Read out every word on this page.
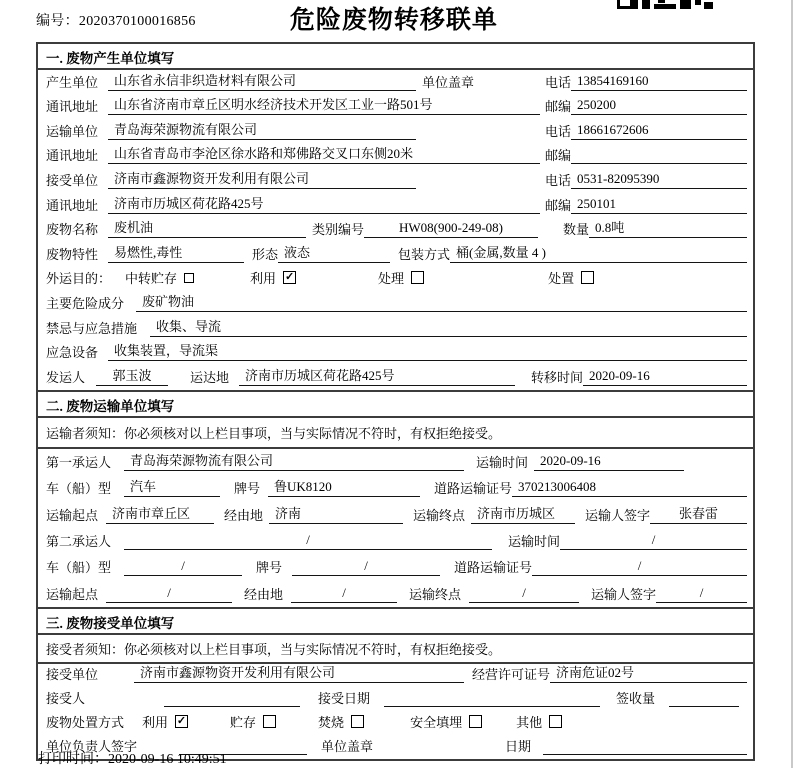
编号：2020370100016856	危险废物转移联单
一. 废物产生单位填写
产生单位	山东省永信非织造材料有限公司	单位盖章	电话 13854169160
通讯地址	山东省济南市章丘区明水经济技术开发区工业一路501号	邮编 250200
运输单位	青岛海荣源物流有限公司	电话 18661672606
通讯地址	山东省青岛市李沧区徐水路和郑佛路交叉口东侧20米	邮编
接受单位	济南市鑫源物资开发利用有限公司	电话 0531-82095390
通讯地址	济南市历城区荷花路425号	邮编 250101
废物名称	废机油	类别编号	HW08(900-249-08)	数量 0.8吨
废物特性	易燃性,毒性	形态 液态	包装方式 桶(金属,数量 4 )
外运目的： 中转贮存	利用 ✓	处理	处置
主要危险成分	废矿物油
禁忌与应急措施	收集、导流
应急设备	收集装置，导流渠
发运人	郭玉波	运达地	济南市历城区荷花路425号	转移时间 2020-09-16
二. 废物运输单位填写
运输者须知：你必须核对以上栏目事项，当与实际情况不符时，有权拒绝接受。
第一承运人	青岛海荣源物流有限公司	运输时间 2020-09-16
车（船）型	汽车	牌号	鲁UK8120	道路运输证号 370213006408
运输起点	济南市章丘区	经由地 济南	运输终点 济南市历城区	运输人签字	张春雷
第二承运人	/	运输时间	/
车（船）型	/	牌号	/	道路运输证号	/
运输起点	/	经由地	/	运输终点	/	运输人签字	/
三. 废物接受单位填写
接受者须知：你必须核对以上栏目事项，当与实际情况不符时，有权拒绝接受。
接受单位	济南市鑫源物资开发利用有限公司	经营许可证号 济南危证02号
接受人	接受日期	签收量
废物处置方式 利用 ✓	贮存	焚烧	安全填埋	其他
单位负责人签字	单位盖章	日期
打印时间：2020-09-16 10:49:51
